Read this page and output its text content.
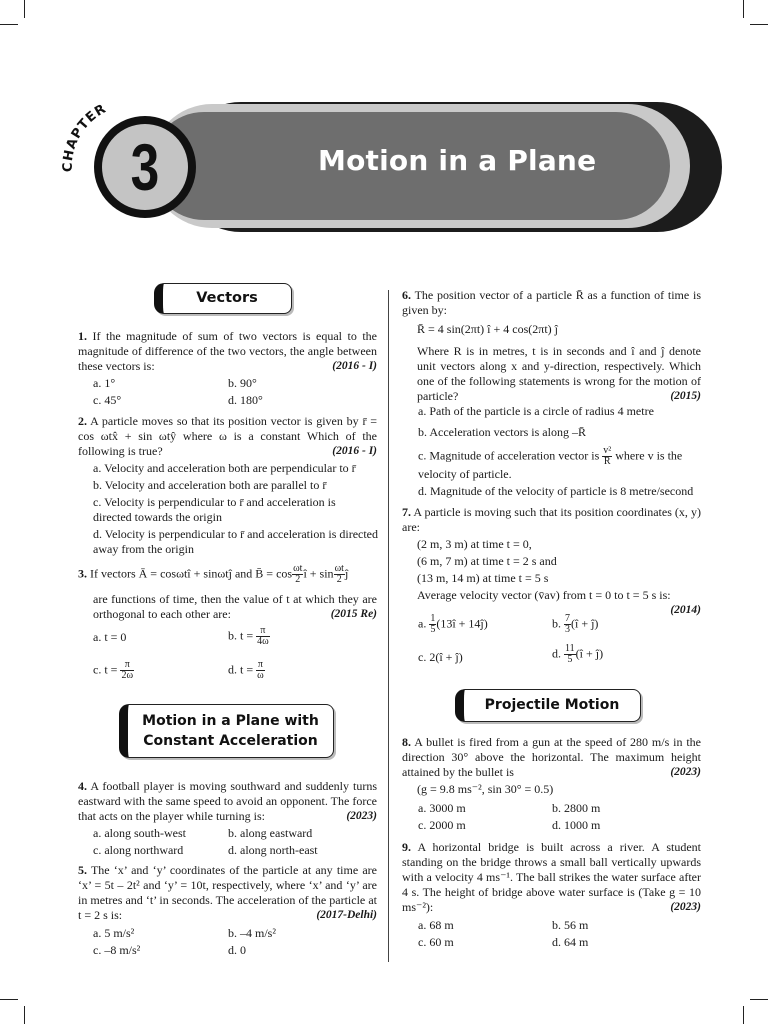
Motion in a Plane
CHAPTER
3
Vectors
1. If the magnitude of sum of two vectors is equal to the magnitude of difference of the two vectors, the angle between these vectors is:	(2016 - I)
a. 1°	b. 90°
c. 45°	d. 180°
2. A particle moves so that its position vector is given by r̄ = cos ωtx̂ + sin ωtŷ where ω is a constant Which of the following is true?	(2016 - I)
a. Velocity and acceleration both are perpendicular to r̄
b. Velocity and acceleration both are parallel to r̄
c. Velocity is perpendicular to r̄ and acceleration is directed towards the origin
d. Velocity is perpendicular to r̄ and acceleration is directed away from the origin
3. If vectors Ā = cosωtî + sinωtĵ and B̄ = $\cos \frac{\omega t}{2}$ î + $\sin \frac{\omega t}{2}$ ĵ
are functions of time, then the value of t at which they are orthogonal to each other are:	(2015 Re)
a. t = 0	b. $t = \frac{\pi}{4\omega}$
c. $t = \frac{\pi}{2\omega}$	d. $t = \frac{\pi}{\omega}$
Motion in a Plane with
Constant Acceleration
4. A football player is moving southward and suddenly turns eastward with the same speed to avoid an opponent. The force that acts on the player while turning is:	(2023)
a. along south-west	b. along eastward
c. along northward	d. along north-east
5. The ‘x’ and ‘y’ coordinates of the particle at any time are ‘x’ = 5t – 2t² and ‘y’ = 10t, respectively, where ‘x’ and ‘y’ are in metres and ‘t’ in seconds. The acceleration of the particle at t = 2 s is:	(2017-Delhi)
a. 5 m/s²	b. –4 m/s²
c. –8 m/s²	d. 0
6. The position vector of a particle R̄ as a function of time is given by:
R̄ = 4 sin(2πt) î + 4 cos(2πt) ĵ
Where R is in metres, t is in seconds and î and ĵ denote unit vectors along x and y-direction, respectively. Which one of the following statements is wrong for the motion of particle?	(2015)
a. Path of the particle is a circle of radius 4 metre
b. Acceleration vectors is along –R̄
c. Magnitude of acceleration vector is $\frac{\text{v²}}{R}$ where v is the velocity of particle.
d. Magnitude of the velocity of particle is 8 metre/second
7. A particle is moving such that its position coordinates (x, y) are:
(2 m, 3 m) at time t = 0,
(6 m, 7 m) at time t = 2 s and
(13 m, 14 m) at time t = 5 s
Average velocity vector (v̄av) from t = 0 to t = 5 s is:
(2014)
a. $\frac{1}{5}$ (13î + 14ĵ)	b. $\frac{7}{3}$ (î + ĵ)
c. 2(î + ĵ)	d. $\frac{11}{5}$ (î + ĵ)
Projectile Motion
8. A bullet is fired from a gun at the speed of 280 m/s in the direction 30° above the horizontal. The maximum height attained by the bullet is	(2023)
(g = 9.8 ms⁻², sin 30° = 0.5)
a. 3000 m	b. 2800 m
c. 2000 m	d. 1000 m
9. A horizontal bridge is built across a river. A student standing on the bridge throws a small ball vertically upwards with a velocity 4 ms⁻¹. The ball strikes the water surface after 4 s. The height of bridge above water surface is (Take g = 10 ms⁻²):	(2023)
a. 68 m	b. 56 m
c. 60 m	d. 64 m
